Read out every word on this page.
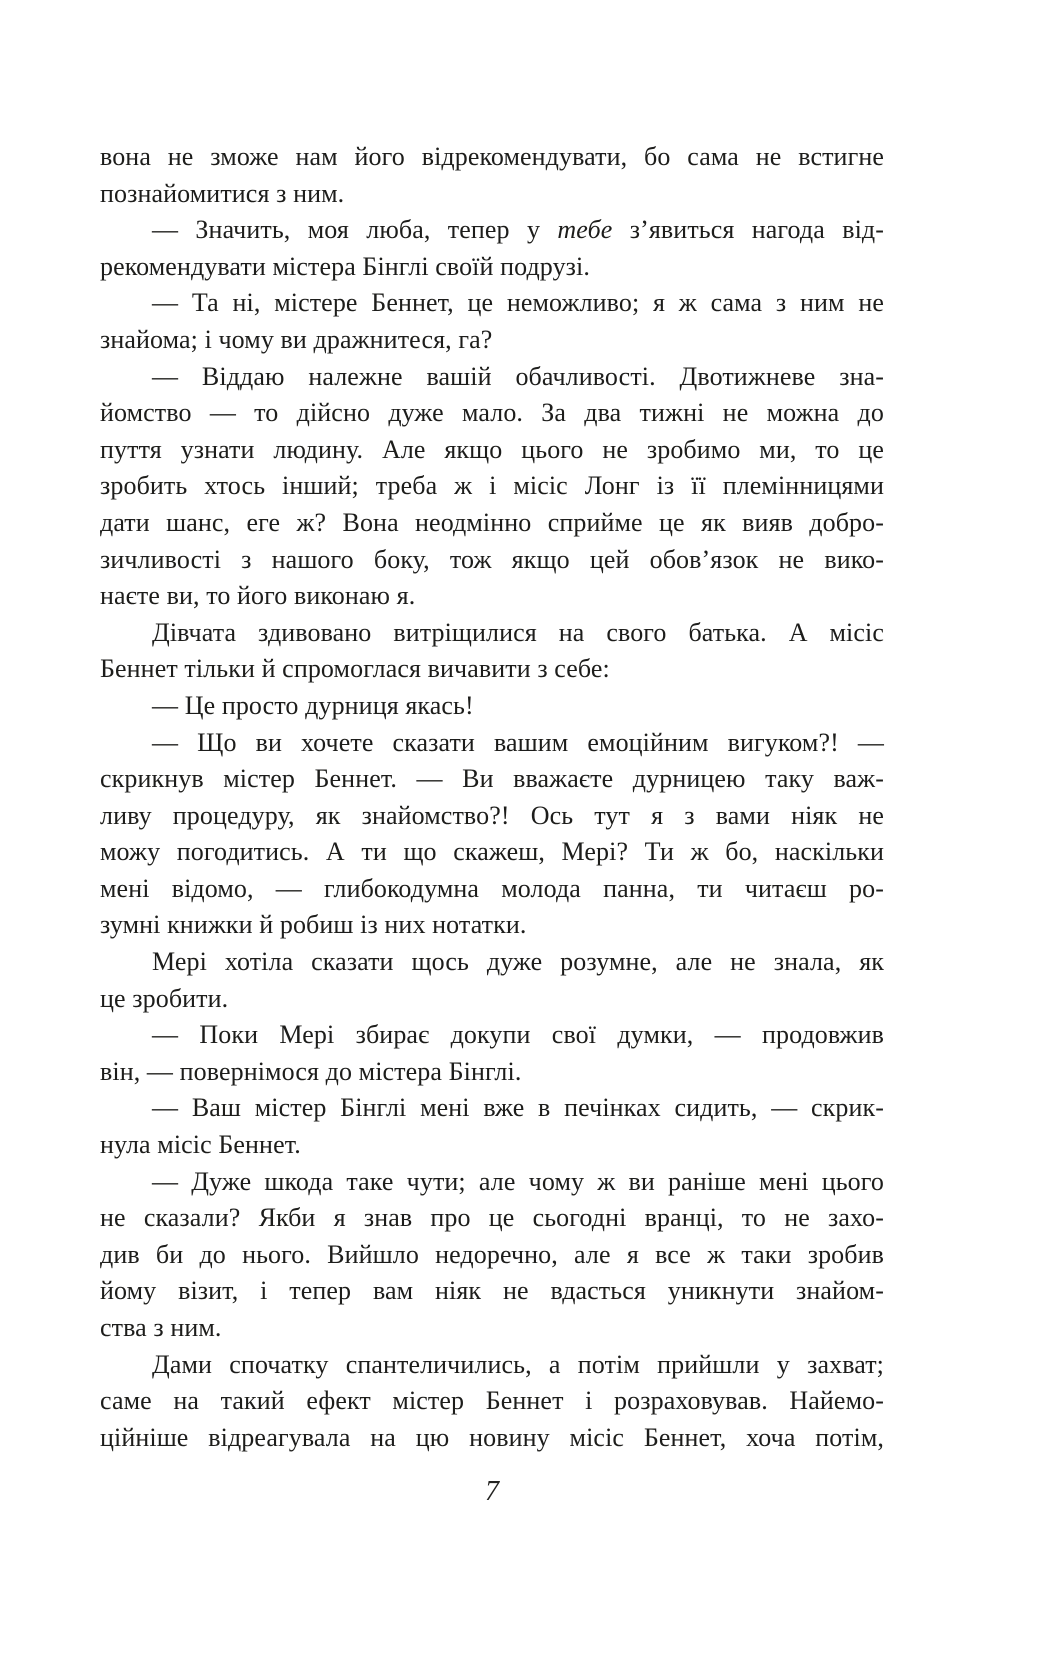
вона не зможе нам його відрекомендувати, бо сама не встигне
познайомитися з ним.
— Значить, моя люба, тепер у тебе з’явиться нагода від-
рекомендувати містера Бінглі своїй подрузі.
— Та ні, містере Беннет, це неможливо; я ж сама з ним не
знайома; і чому ви дражнитеся, га?
— Віддаю належне вашій обачливості. Двотижневе зна-
йомство — то дійсно дуже мало. За два тижні не можна до
пуття узнати людину. Але якщо цього не зробимо ми, то це
зробить хтось інший; треба ж і місіс Лонг із її племінницями
дати шанс, еге ж? Вона неодмінно сприйме це як вияв добро-
зичливості з нашого боку, тож якщо цей обов’язок не вико-
наєте ви, то його виконаю я.
Дівчата здивовано витріщилися на свого батька. А місіс
Беннет тільки й спромоглася вичавити з себе:
— Це просто дурниця якась!
— Що ви хочете сказати вашим емоційним вигуком?! —
скрикнув містер Беннет. — Ви вважаєте дурницею таку важ-
ливу процедуру, як знайомство?! Ось тут я з вами ніяк не
можу погодитись. А ти що скажеш, Мері? Ти ж бо, наскільки
мені відомо, — глибокодумна молода панна, ти читаєш ро-
зумні книжки й робиш із них нотатки.
Мері хотіла сказати щось дуже розумне, але не знала, як
це зробити.
— Поки Мері збирає докупи свої думки, — продовжив
він, — повернімося до містера Бінглі.
— Ваш містер Бінглі мені вже в печінках сидить, — скрик-
нула місіс Беннет.
— Дуже шкода таке чути; але чому ж ви раніше мені цього
не сказали? Якби я знав про це сьогодні вранці, то не захо-
див би до нього. Вийшло недоречно, але я все ж таки зробив
йому візит, і тепер вам ніяк не вдасться уникнути знайом-
ства з ним.
Дами спочатку спантеличились, а потім прийшли у захват;
саме на такий ефект містер Беннет і розраховував. Найемо-
ційніше відреагувала на цю новину місіс Беннет, хоча потім,
7
